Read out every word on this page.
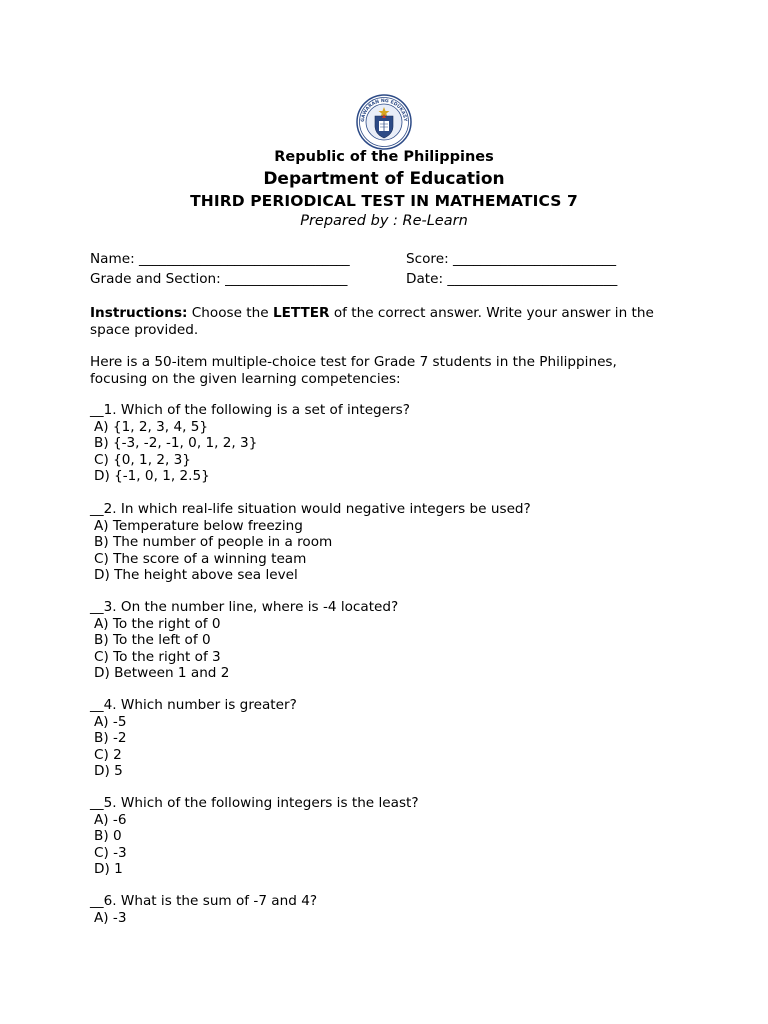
GAWARAN NG EDUKASY
Republic of the Philippines
Department of Education
THIRD PERIODICAL TEST IN MATHEMATICS 7
Prepared by : Re-Learn
Name: _______________________________	Score: ________________________
Grade and Section: __________________	Date: _________________________
Instructions: Choose the LETTER of the correct answer. Write your answer in the space provided.
Here is a 50-item multiple-choice test for Grade 7 students in the Philippines, focusing on the given learning competencies:
__1. Which of the following is a set of integers?
A) {1, 2, 3, 4, 5}
B) {-3, -2, -1, 0, 1, 2, 3}
C) {0, 1, 2, 3}
D) {-1, 0, 1, 2.5}
__2. In which real-life situation would negative integers be used?
A) Temperature below freezing
B) The number of people in a room
C) The score of a winning team
D) The height above sea level
__3. On the number line, where is -4 located?
A) To the right of 0
B) To the left of 0
C) To the right of 3
D) Between 1 and 2
__4. Which number is greater?
A) -5
B) -2
C) 2
D) 5
__5. Which of the following integers is the least?
A) -6
B) 0
C) -3
D) 1
__6. What is the sum of -7 and 4?
A) -3
